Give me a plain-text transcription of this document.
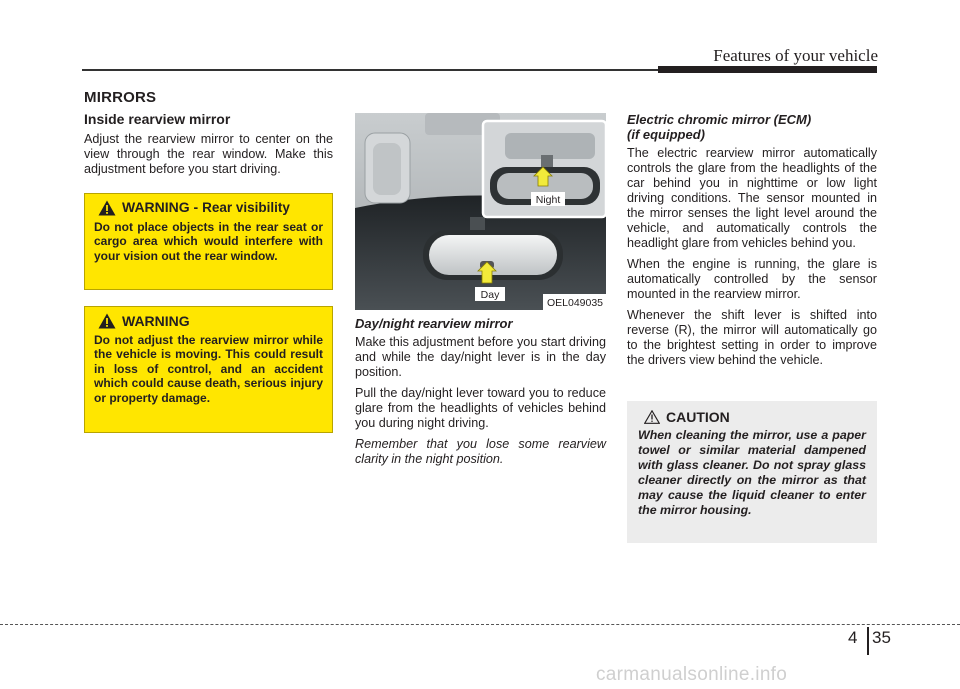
Features of your vehicle
MIRRORS
Inside rearview mirror

Adjust the rearview mirror to center on the view through the rear window. Make this adjustment before you start driving.

WARNING - Rear visibility

Do not place objects in the rear seat or cargo area which would interfere with your vision out the rear window.

WARNING

Do not adjust the rearview mirror while the vehicle is moving. This could result in loss of control, and an accident which could cause death, serious injury or property damage.

Night
Day
OEL049035
Day/night rearview mirror

Make this adjustment before you start driving and while the day/night lever is in the day position.

Pull the day/night lever toward you to reduce glare from the headlights of vehicles behind you during night driving.

Remember that you lose some rearview clarity in the night position.

Electric chromic mirror (ECM)
(if equipped)

The electric rearview mirror automatically controls the glare from the headlights of the car behind you in nighttime or low light driving conditions. The sensor mounted in the mirror senses the light level around the vehicle, and automatically controls the headlight glare from vehicles behind you.

When the engine is running, the glare is automatically controlled by the sensor mounted in the rearview mirror.

Whenever the shift lever is shifted into reverse (R), the mirror will automatically go to the brightest setting in order to improve the drivers view behind the vehicle.

CAUTION

When cleaning the mirror, use a paper towel or similar material dampened with glass cleaner. Do not spray glass cleaner directly on the mirror as that may cause the liquid cleaner to enter the mirror housing.

4 35
carmanualsonline.info
